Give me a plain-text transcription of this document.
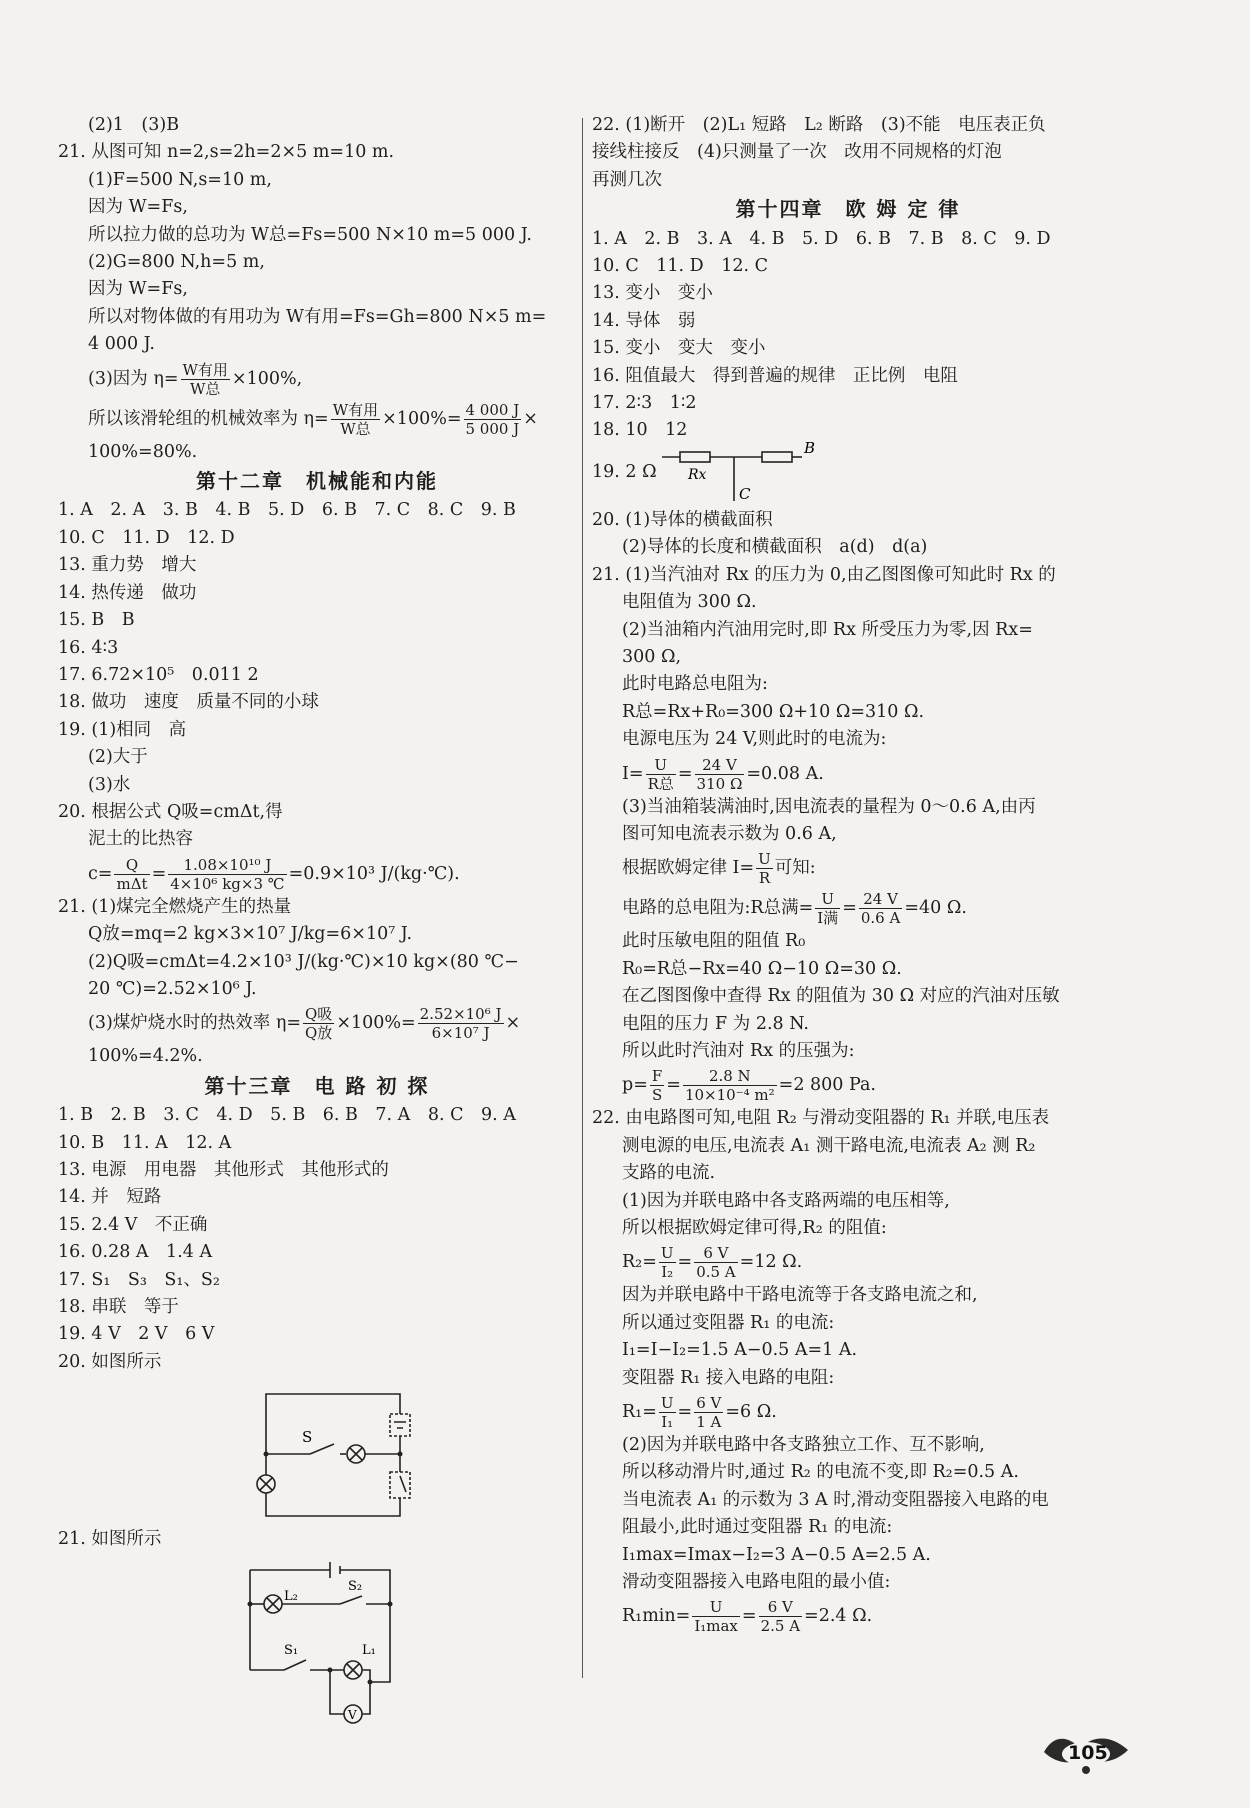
(2)1　(3)B
21. 从图可知 n=2,s=2h=2×5 m=10 m.
(1)F=500 N,s=10 m,
因为 W=Fs,
所以拉力做的总功为 W总=Fs=500 N×10 m=5 000 J.
(2)G=800 N,h=5 m,
因为 W=Fs,
所以对物体做的有用功为 W有用=Fs=Gh=800 N×5 m=
4 000 J.
(3)因为 $\eta= \frac{\text{W有用}}{\text{W总}} \times 100\%$,
所以该滑轮组的机械效率为 $\eta= \frac{\text{W有用}}{\text{W总}} \times 100\%= \frac{4 000 J}{5 000 J}$ ×
100%=80%.
第十二章　机械能和内能
1. A　2. A　3. B　4. B　5. D　6. B　7. C　8. C　9. B
10. C　11. D　12. D
13. 重力势　增大
14. 热传递　做功
15. B　B
16. 4∶3
17. 6.72×10⁵　0.011 2
18. 做功　速度　质量不同的小球
19. (1)相同　高
(2)大于
(3)水
20. 根据公式 Q吸=cmΔt,得
泥土的比热容
$c= \frac{Q}{\text{mΔt}} = \frac{\text{1.08×10¹⁰ J}}{\text{4×10⁶ kg×3 ℃}} =0.9\times 10^3$ J/(kg·℃).
21. (1)煤完全燃烧产生的热量
Q放=mq=2 kg×3×10⁷ J/kg=6×10⁷ J.
(2)Q吸=cmΔt=4.2×10³ J/(kg·℃)×10 kg×(80 ℃−
20 ℃)=2.52×10⁶ J.
(3)煤炉烧水时的热效率 $\eta= \frac{\text{Q吸}}{\text{Q放}} \times 100\%= \frac{\text{2.52×10⁶ J}}{\text{6×10⁷ J}}$ ×
100%=4.2%.
第十三章　电 路 初 探
1. B　2. B　3. C　4. D　5. B　6. B　7. A　8. C　9. A
10. B　11. A　12. A
13. 电源　用电器　其他形式　其他形式的
14. 并　短路
15. 2.4 V　不正确
16. 0.28 A　1.4 A
17. S₁　S₃　S₁、S₂
18. 串联　等于
19. 4 V　2 V　6 V
20. 如图所示
S
21. 如图所示
L₂
S₂
S₁	L₁
V
22. (1)断开　(2)L₁ 短路　L₂ 断路　(3)不能　电压表正负
接线柱接反　(4)只测量了一次　改用不同规格的灯泡
再测几次
第十四章　欧 姆 定 律
1. A　2. B　3. A　4. B　5. D　6. B　7. B　8. C　9. D
10. C　11. D　12. C
13. 变小　变小
14. 导体　弱
15. 变小　变大　变小
16. 阻值最大　得到普遍的规律　正比例　电阻
17. 2∶3　1∶2
18. 10　12
19. 2 Ω Rx
B
C
20. (1)导体的横截面积
(2)导体的长度和横截面积　a(d)　d(a)
21. (1)当汽油对 Rx 的压力为 0,由乙图图像可知此时 Rx 的
电阻值为 300 Ω.
(2)当油箱内汽油用完时,即 Rx 所受压力为零,因 Rx=
300 Ω,
此时电路总电阻为:
R总=Rx+R₀=300 Ω+10 Ω=310 Ω.
电源电压为 24 V,则此时的电流为:
$I= \frac{U}{\text{R总}} = \frac{24 V}{310 \Omega} =0.08$ A.
(3)当油箱装满油时,因电流表的量程为 0～0.6 A,由丙
图可知电流表示数为 0.6 A,
根据欧姆定律 $I= \frac{U}{R}$ 可知:
电路的总电阻为:R总满= $\frac{U}{\text{I满}} = \frac{24 V}{0.6 A} =40$ Ω.
此时压敏电阻的阻值 R₀
R₀=R总−Rx=40 Ω−10 Ω=30 Ω.
在乙图图像中查得 Rx 的阻值为 30 Ω 对应的汽油对压敏
电阻的压力 F 为 2.8 N.
所以此时汽油对 Rx 的压强为:
$p= \frac{F}{S} = \frac{2.8 N}{\text{10×10⁻⁴ m²}} =2$ 800 Pa.
22. 由电路图可知,电阻 R₂ 与滑动变阻器的 R₁ 并联,电压表
测电源的电压,电流表 A₁ 测干路电流,电流表 A₂ 测 R₂
支路的电流.
(1)因为并联电路中各支路两端的电压相等,
所以根据欧姆定律可得,R₂ 的阻值:
$R_2= \frac{U}{\text{I₂}} = \frac{6 V}{0.5 A} =12$ Ω.
因为并联电路中干路电流等于各支路电流之和,
所以通过变阻器 R₁ 的电流:
I₁=I−I₂=1.5 A−0.5 A=1 A.
变阻器 R₁ 接入电路的电阻:
$R_1= \frac{U}{\text{I₁}} = \frac{6 V}{1 A} =6$ Ω.
(2)因为并联电路中各支路独立工作、互不影响,
所以移动滑片时,通过 R₂ 的电流不变,即 R₂=0.5 A.
当电流表 A₁ 的示数为 3 A 时,滑动变阻器接入电路的电
阻最小,此时通过变阻器 R₁ 的电流:
I₁max=Imax−I₂=3 A−0.5 A=2.5 A.
滑动变阻器接入电路电阻的最小值:
$R_1\min= \frac{U}{\text{I₁max}} = \frac{6 V}{2.5 A} =2.4$ Ω.
105
